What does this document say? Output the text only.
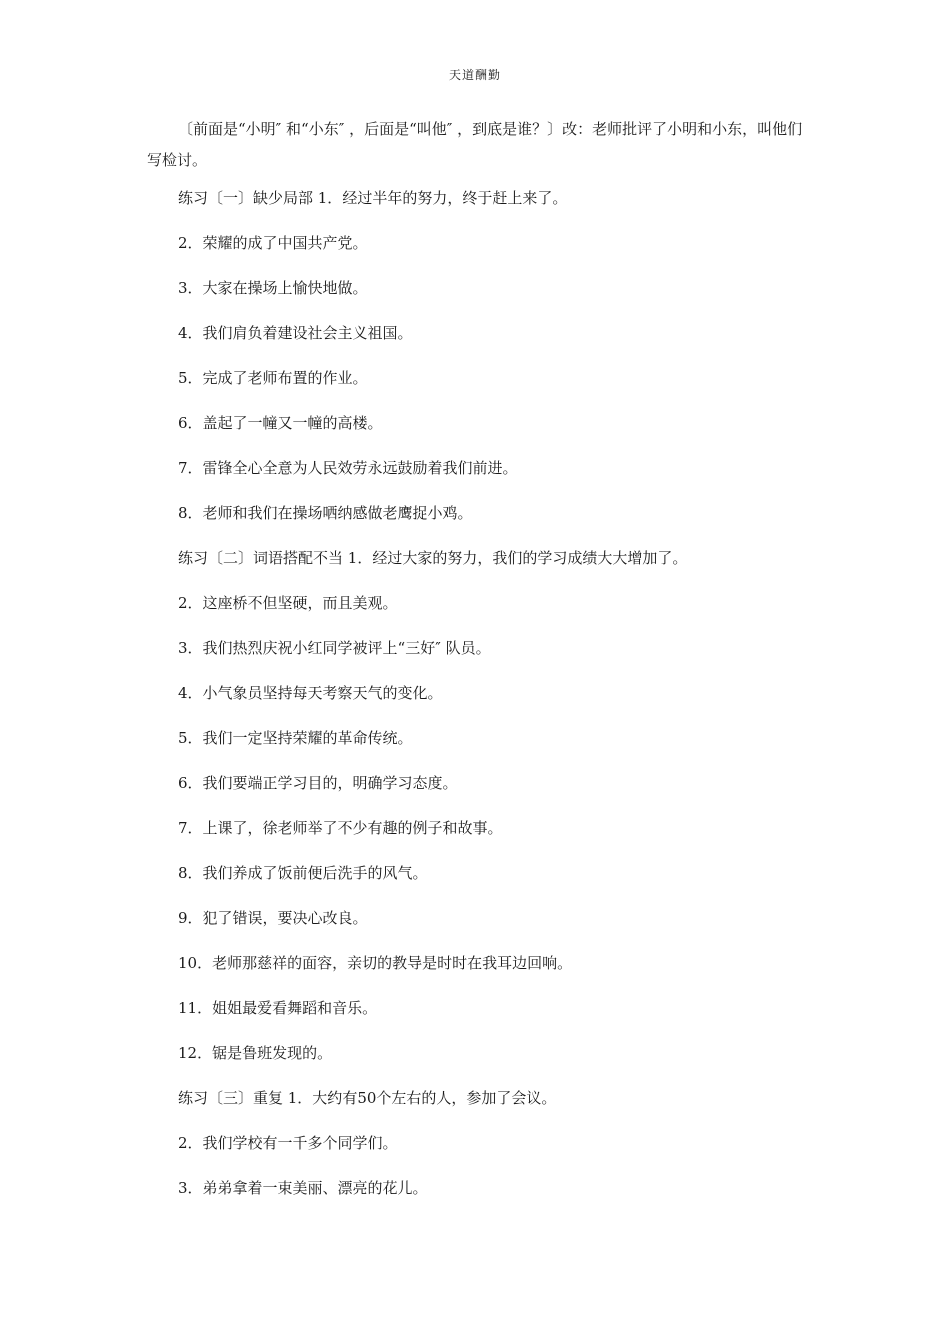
天道酬勤

〔前面是“小明″ 和“小东″ ，后面是“叫他″ ，到底是谁？〕改：老师批评了小明和小东，叫他们写检讨。

练习〔一〕缺少局部 1．经过半年的努力，终于赶上来了。

2．荣耀的成了中国共产党。

3．大家在操场上愉快地做。

4．我们肩负着建设社会主义祖国。

5．完成了老师布置的作业。

6．盖起了一幢又一幢的高楼。

7．雷锋全心全意为人民效劳永远鼓励着我们前进。

8．老师和我们在操场哂纳感做老鹰捉小鸡。

练习〔二〕词语搭配不当 1．经过大家的努力，我们的学习成绩大大增加了。

2．这座桥不但坚硬，而且美观。

3．我们热烈庆祝小红同学被评上“三好″ 队员。

4．小气象员坚持每天考察天气的变化。

5．我们一定坚持荣耀的革命传统。

6．我们要端正学习目的，明确学习态度。

7．上课了，徐老师举了不少有趣的例子和故事。

8．我们养成了饭前便后洗手的风气。

9．犯了错误，要决心改良。

10．老师那慈祥的面容，亲切的教导是时时在我耳边回响。

11．姐姐最爱看舞蹈和音乐。

12．锯是鲁班发现的。

练习〔三〕重复 1．大约有50个左右的人，参加了会议。

2．我们学校有一千多个同学们。

3．弟弟拿着一束美丽、漂亮的花儿。
